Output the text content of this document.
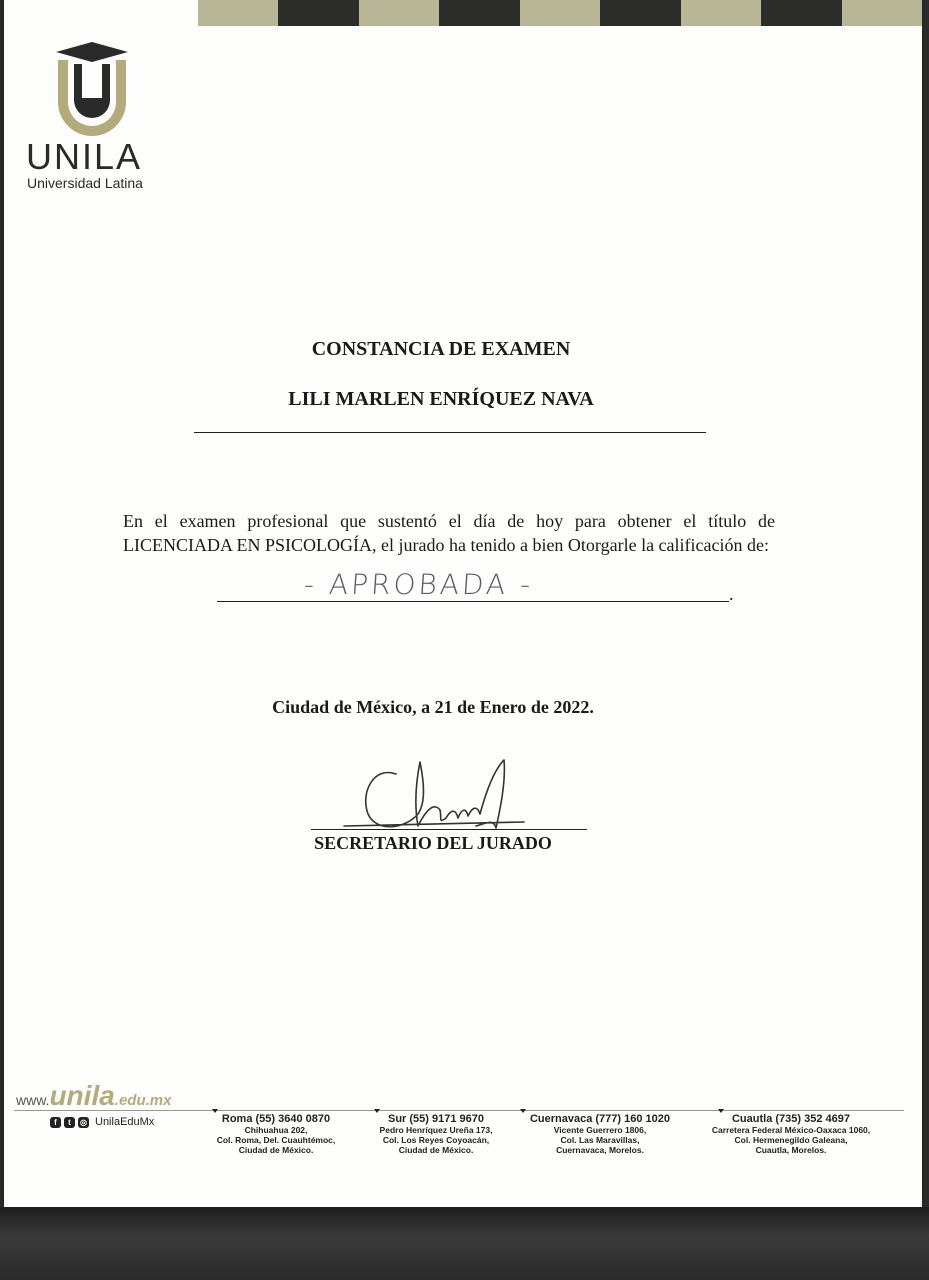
UNILA
Universidad Latina
CONSTANCIA DE EXAMEN
LILI MARLEN ENRÍQUEZ NAVA
En el examen profesional que sustentó el día de hoy para obtener el título de LICENCIADA EN PSICOLOGÍA, el jurado ha tenido a bien Otorgarle la calificación de:
- APROBADA -	.
Ciudad de México, a 21 de Enero de 2022.
SECRETARIO DEL JURADO
www.unila.edu.mx
f	t	◎ UnilaEduMx	Roma (55) 3640 0870
Chihuahua 202,
Col. Roma, Del. Cuauhtémoc,
Ciudad de México.
Sur (55) 9171 9670
Pedro Henríquez Ureña 173,
Col. Los Reyes Coyoacán,
Ciudad de México.
Cuernavaca (777) 160 1020
Vicente Guerrero 1806,
Col. Las Maravillas,
Cuernavaca, Morelos.
Cuautla (735) 352 4697
Carretera Federal México-Oaxaca 1060,
Col. Hermenegildo Galeana,
Cuautla, Morelos.
